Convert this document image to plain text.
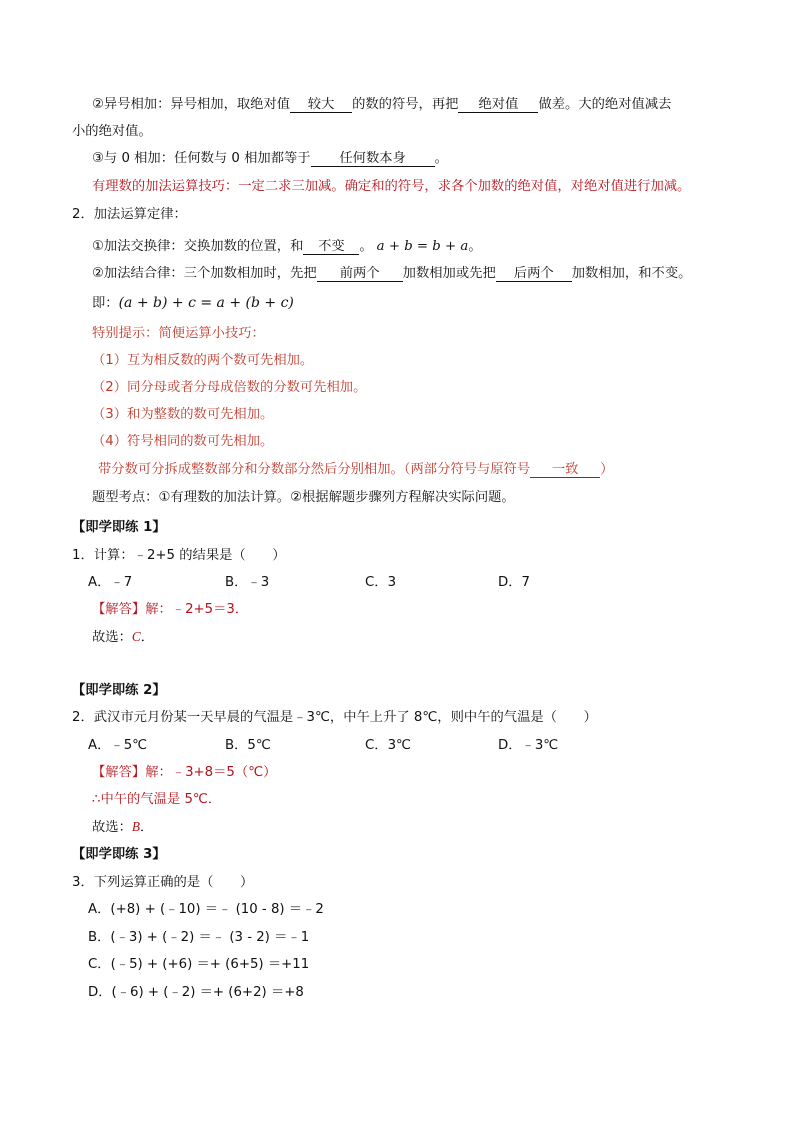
②异号相加：异号相加，取绝对值 较大 的数的符号，再把 绝对值 做差。大的绝对值减去
小的绝对值。
③与 0 相加：任何数与 0 相加都等于 任何数本身 。
有理数的加法运算技巧：一定二求三加减。确定和的符号，求各个加数的绝对值，对绝对值进行加减。
2．加法运算定律：
①加法交换律：交换加数的位置，和 不变 。 a + b = b + a。
②加法结合律：三个加数相加时，先把 前两个 加数相加或先把 后两个 加数相加，和不变。
即：(a + b) + c = a + (b + c)
特别提示：简便运算小技巧：
（1）互为相反数的两个数可先相加。
（2）同分母或者分母成倍数的分数可先相加。
（3）和为整数的数可先相加。
（4）符号相同的数可先相加。
带分数可分拆成整数部分和分数部分然后分别相加。（两部分符号与原符号 一致 ）
题型考点：①有理数的加法计算。②根据解题步骤列方程解决实际问题。
【即学即练 1】
1．计算：﹣2+5 的结果是（　　）
A．﹣7	B．﹣3	C．3	D．7
【解答】解：﹣2+5＝3．
故选：C．
【即学即练 2】
2．武汉市元月份某一天早晨的气温是﹣3℃，中午上升了 8℃，则中午的气温是（　　）
A．﹣5℃	B．5℃	C．3℃	D．﹣3℃
【解答】解：﹣3+8＝5（℃）
∴中午的气温是 5℃．
故选：B．
【即学即练 3】
3．下列运算正确的是（　　）
A．(+8) + (﹣10) ＝﹣ (10 - 8) ＝﹣2
B．(﹣3) + (﹣2) ＝﹣ (3 - 2) ＝﹣1
C．(﹣5) + (+6) ＝+ (6+5) ＝+11
D．(﹣6) + (﹣2) ＝+ (6+2) ＝+8
